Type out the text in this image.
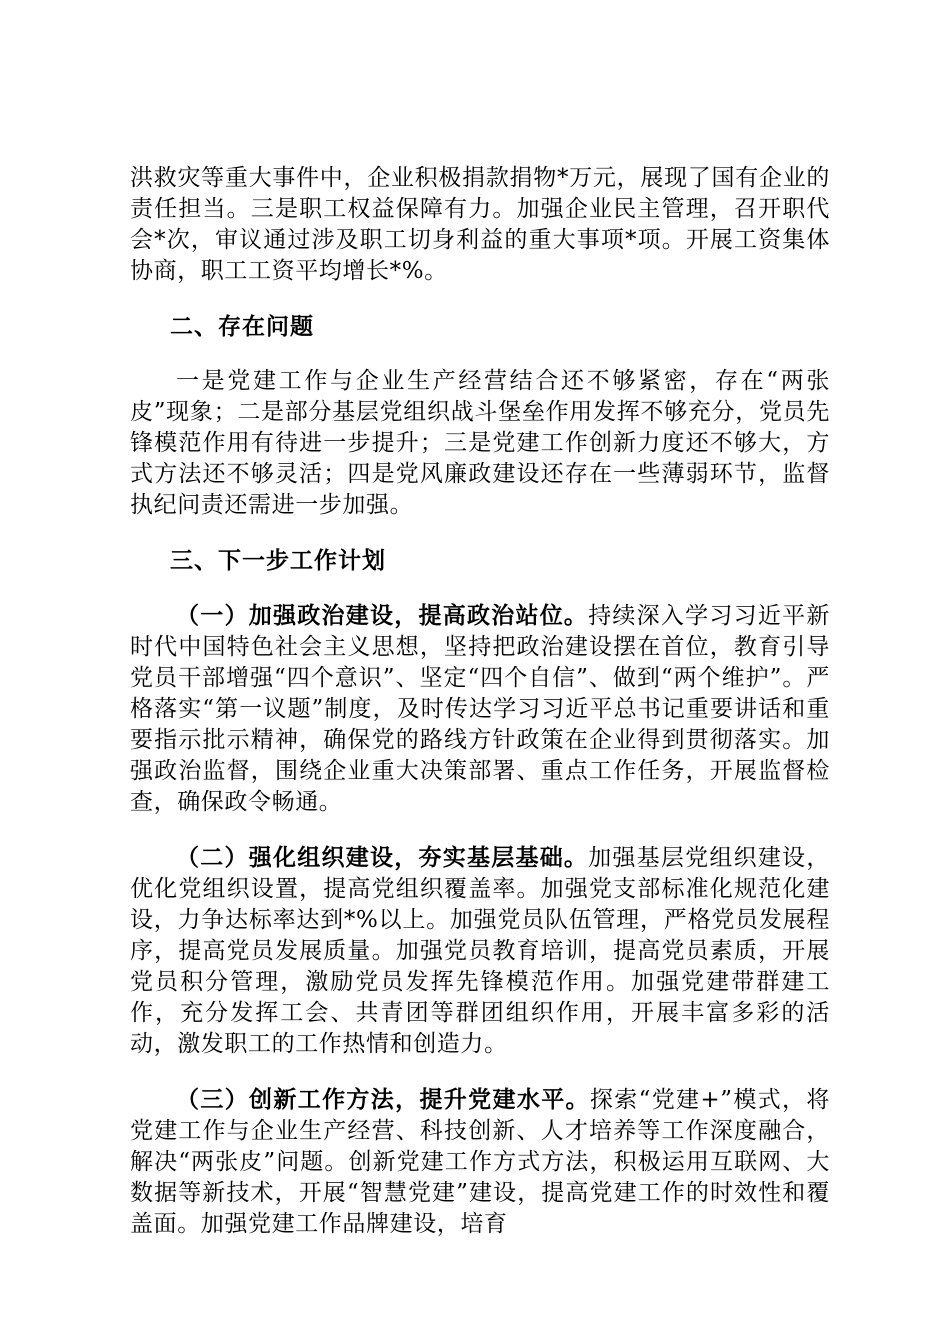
洪救灾等重大事件中，企业积极捐款捐物*万元，展现了国有企业的责任担当。三是职工权益保障有力。加强企业民主管理，召开职代会*次，审议通过涉及职工切身利益的重大事项*项。开展工资集体协商，职工工资平均增长*%。

二、存在问题

一是党建工作与企业生产经营结合还不够紧密，存在“两张皮”现象；二是部分基层党组织战斗堡垒作用发挥不够充分，党员先锋模范作用有待进一步提升；三是党建工作创新力度还不够大，方式方法还不够灵活；四是党风廉政建设还存在一些薄弱环节，监督执纪问责还需进一步加强。

三、下一步工作计划

（一）加强政治建设，提高政治站位。持续深入学习习近平新时代中国特色社会主义思想，坚持把政治建设摆在首位，教育引导党员干部增强“四个意识”、坚定“四个自信”、做到“两个维护”。严格落实“第一议题”制度，及时传达学习习近平总书记重要讲话和重要指示批示精神，确保党的路线方针政策在企业得到贯彻落实。加强政治监督，围绕企业重大决策部署、重点工作任务，开展监督检查，确保政令畅通。

（二）强化组织建设，夯实基层基础。加强基层党组织建设，优化党组织设置，提高党组织覆盖率。加强党支部标准化规范化建设，力争达标率达到*%以上。加强党员队伍管理，严格党员发展程序，提高党员发展质量。加强党员教育培训，提高党员素质，开展党员积分管理，激励党员发挥先锋模范作用。加强党建带群建工作，充分发挥工会、共青团等群团组织作用，开展丰富多彩的活动，激发职工的工作热情和创造力。

（三）创新工作方法，提升党建水平。探索“党建+”模式，将党建工作与企业生产经营、科技创新、人才培养等工作深度融合，解决“两张皮”问题。创新党建工作方式方法，积极运用互联网、大数据等新技术，开展“智慧党建”建设，提高党建工作的时效性和覆盖面。加强党建工作品牌建设，培育
